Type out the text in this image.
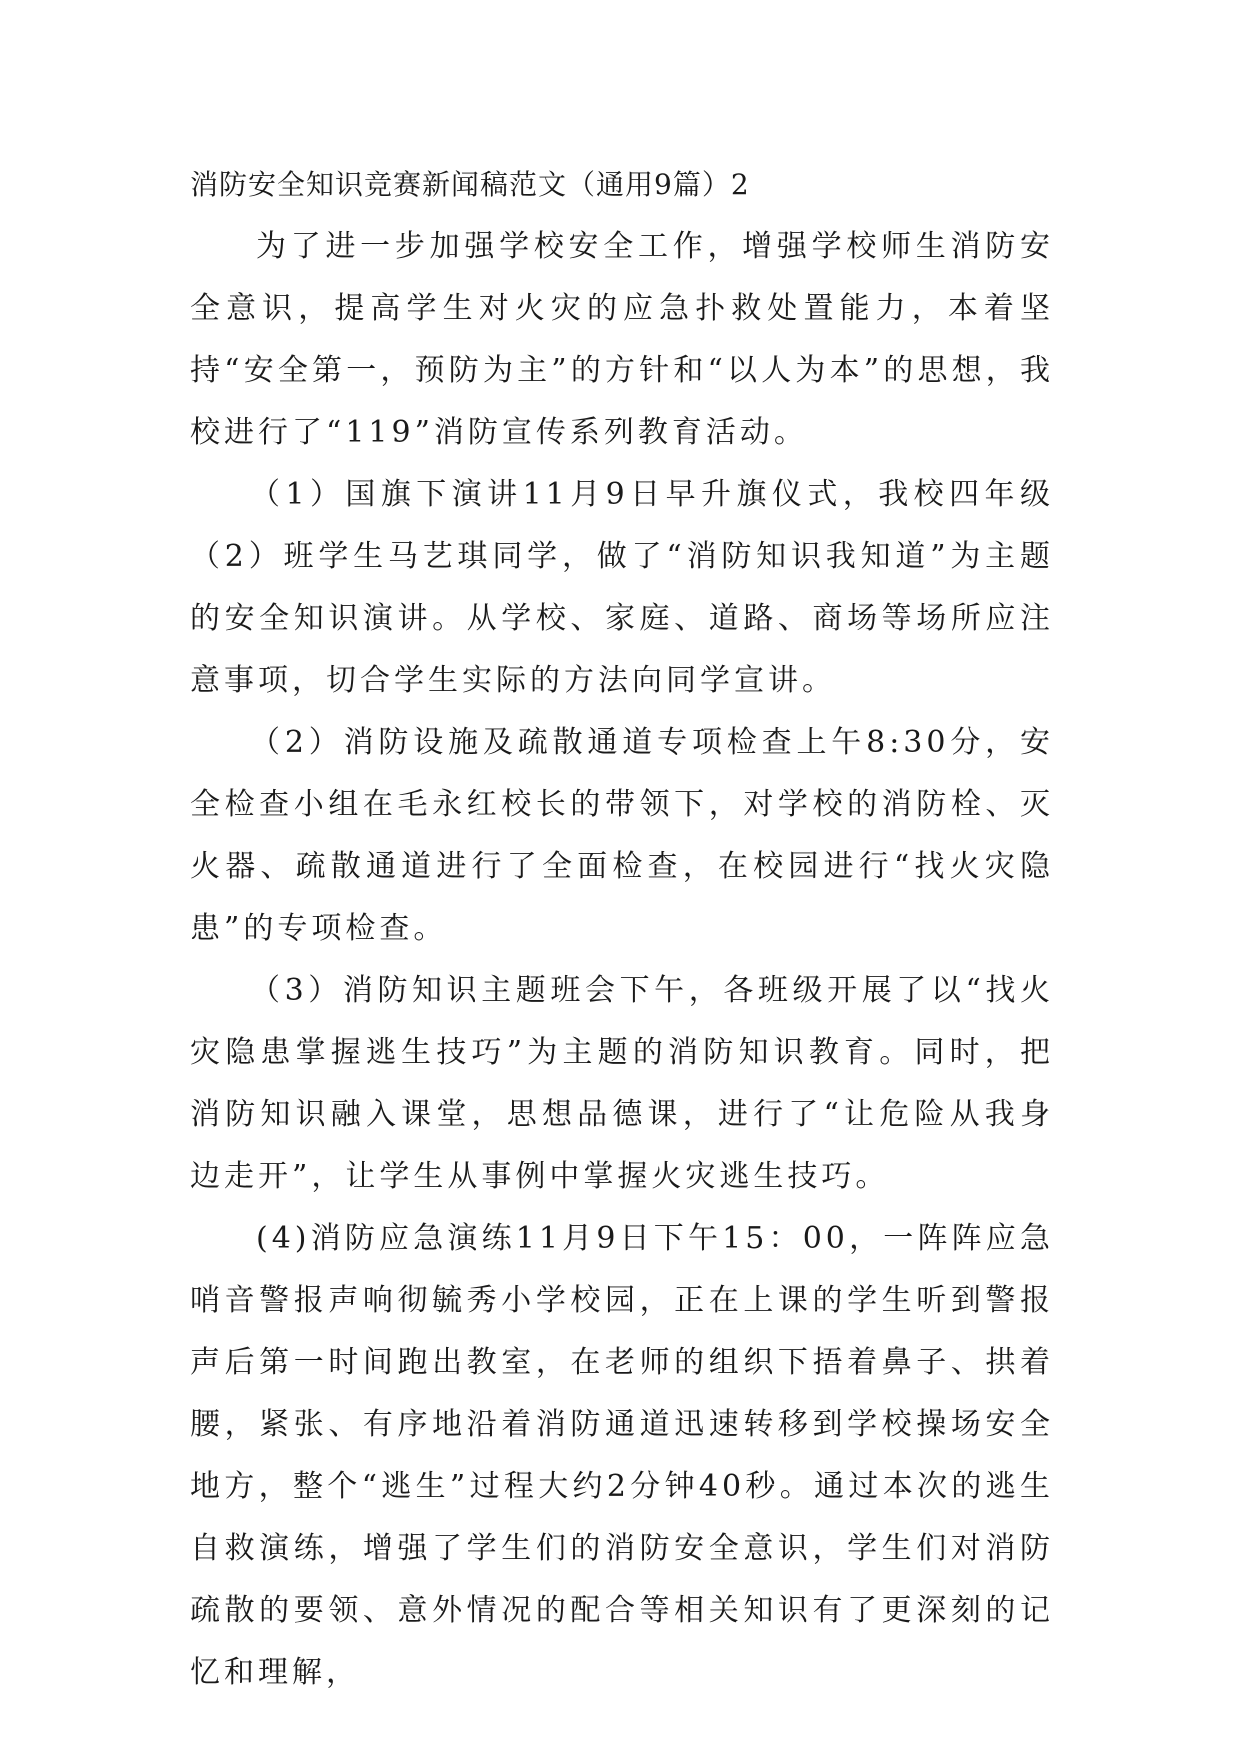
消防安全知识竞赛新闻稿范文（通用9篇）2

为了进一步加强学校安全工作，增强学校师生消防安全意识，提高学生对火灾的应急扑救处置能力，本着坚持“安全第一，预防为主”的方针和“以人为本”的思想，我校进行了“119”消防宣传系列教育活动。

（1）国旗下演讲11月9日早升旗仪式，我校四年级（2）班学生马艺琪同学，做了“消防知识我知道”为主题的安全知识演讲。从学校、家庭、道路、商场等场所应注意事项，切合学生实际的方法向同学宣讲。

（2）消防设施及疏散通道专项检查上午8:30分，安全检查小组在毛永红校长的带领下，对学校的消防栓、灭火器、疏散通道进行了全面检查，在校园进行“找火灾隐患”的专项检查。

（3）消防知识主题班会下午，各班级开展了以“找火灾隐患掌握逃生技巧”为主题的消防知识教育。同时，把消防知识融入课堂，思想品德课，进行了“让危险从我身边走开”，让学生从事例中掌握火灾逃生技巧。

(4)消防应急演练11月9日下午15：00，一阵阵应急哨音警报声响彻毓秀小学校园，正在上课的学生听到警报声后第一时间跑出教室，在老师的组织下捂着鼻子、拱着腰，紧张、有序地沿着消防通道迅速转移到学校操场安全地方，整个“逃生”过程大约2分钟40秒。通过本次的逃生自救演练，增强了学生们的消防安全意识，学生们对消防疏散的要领、意外情况的配合等相关知识有了更深刻的记忆和理解，
